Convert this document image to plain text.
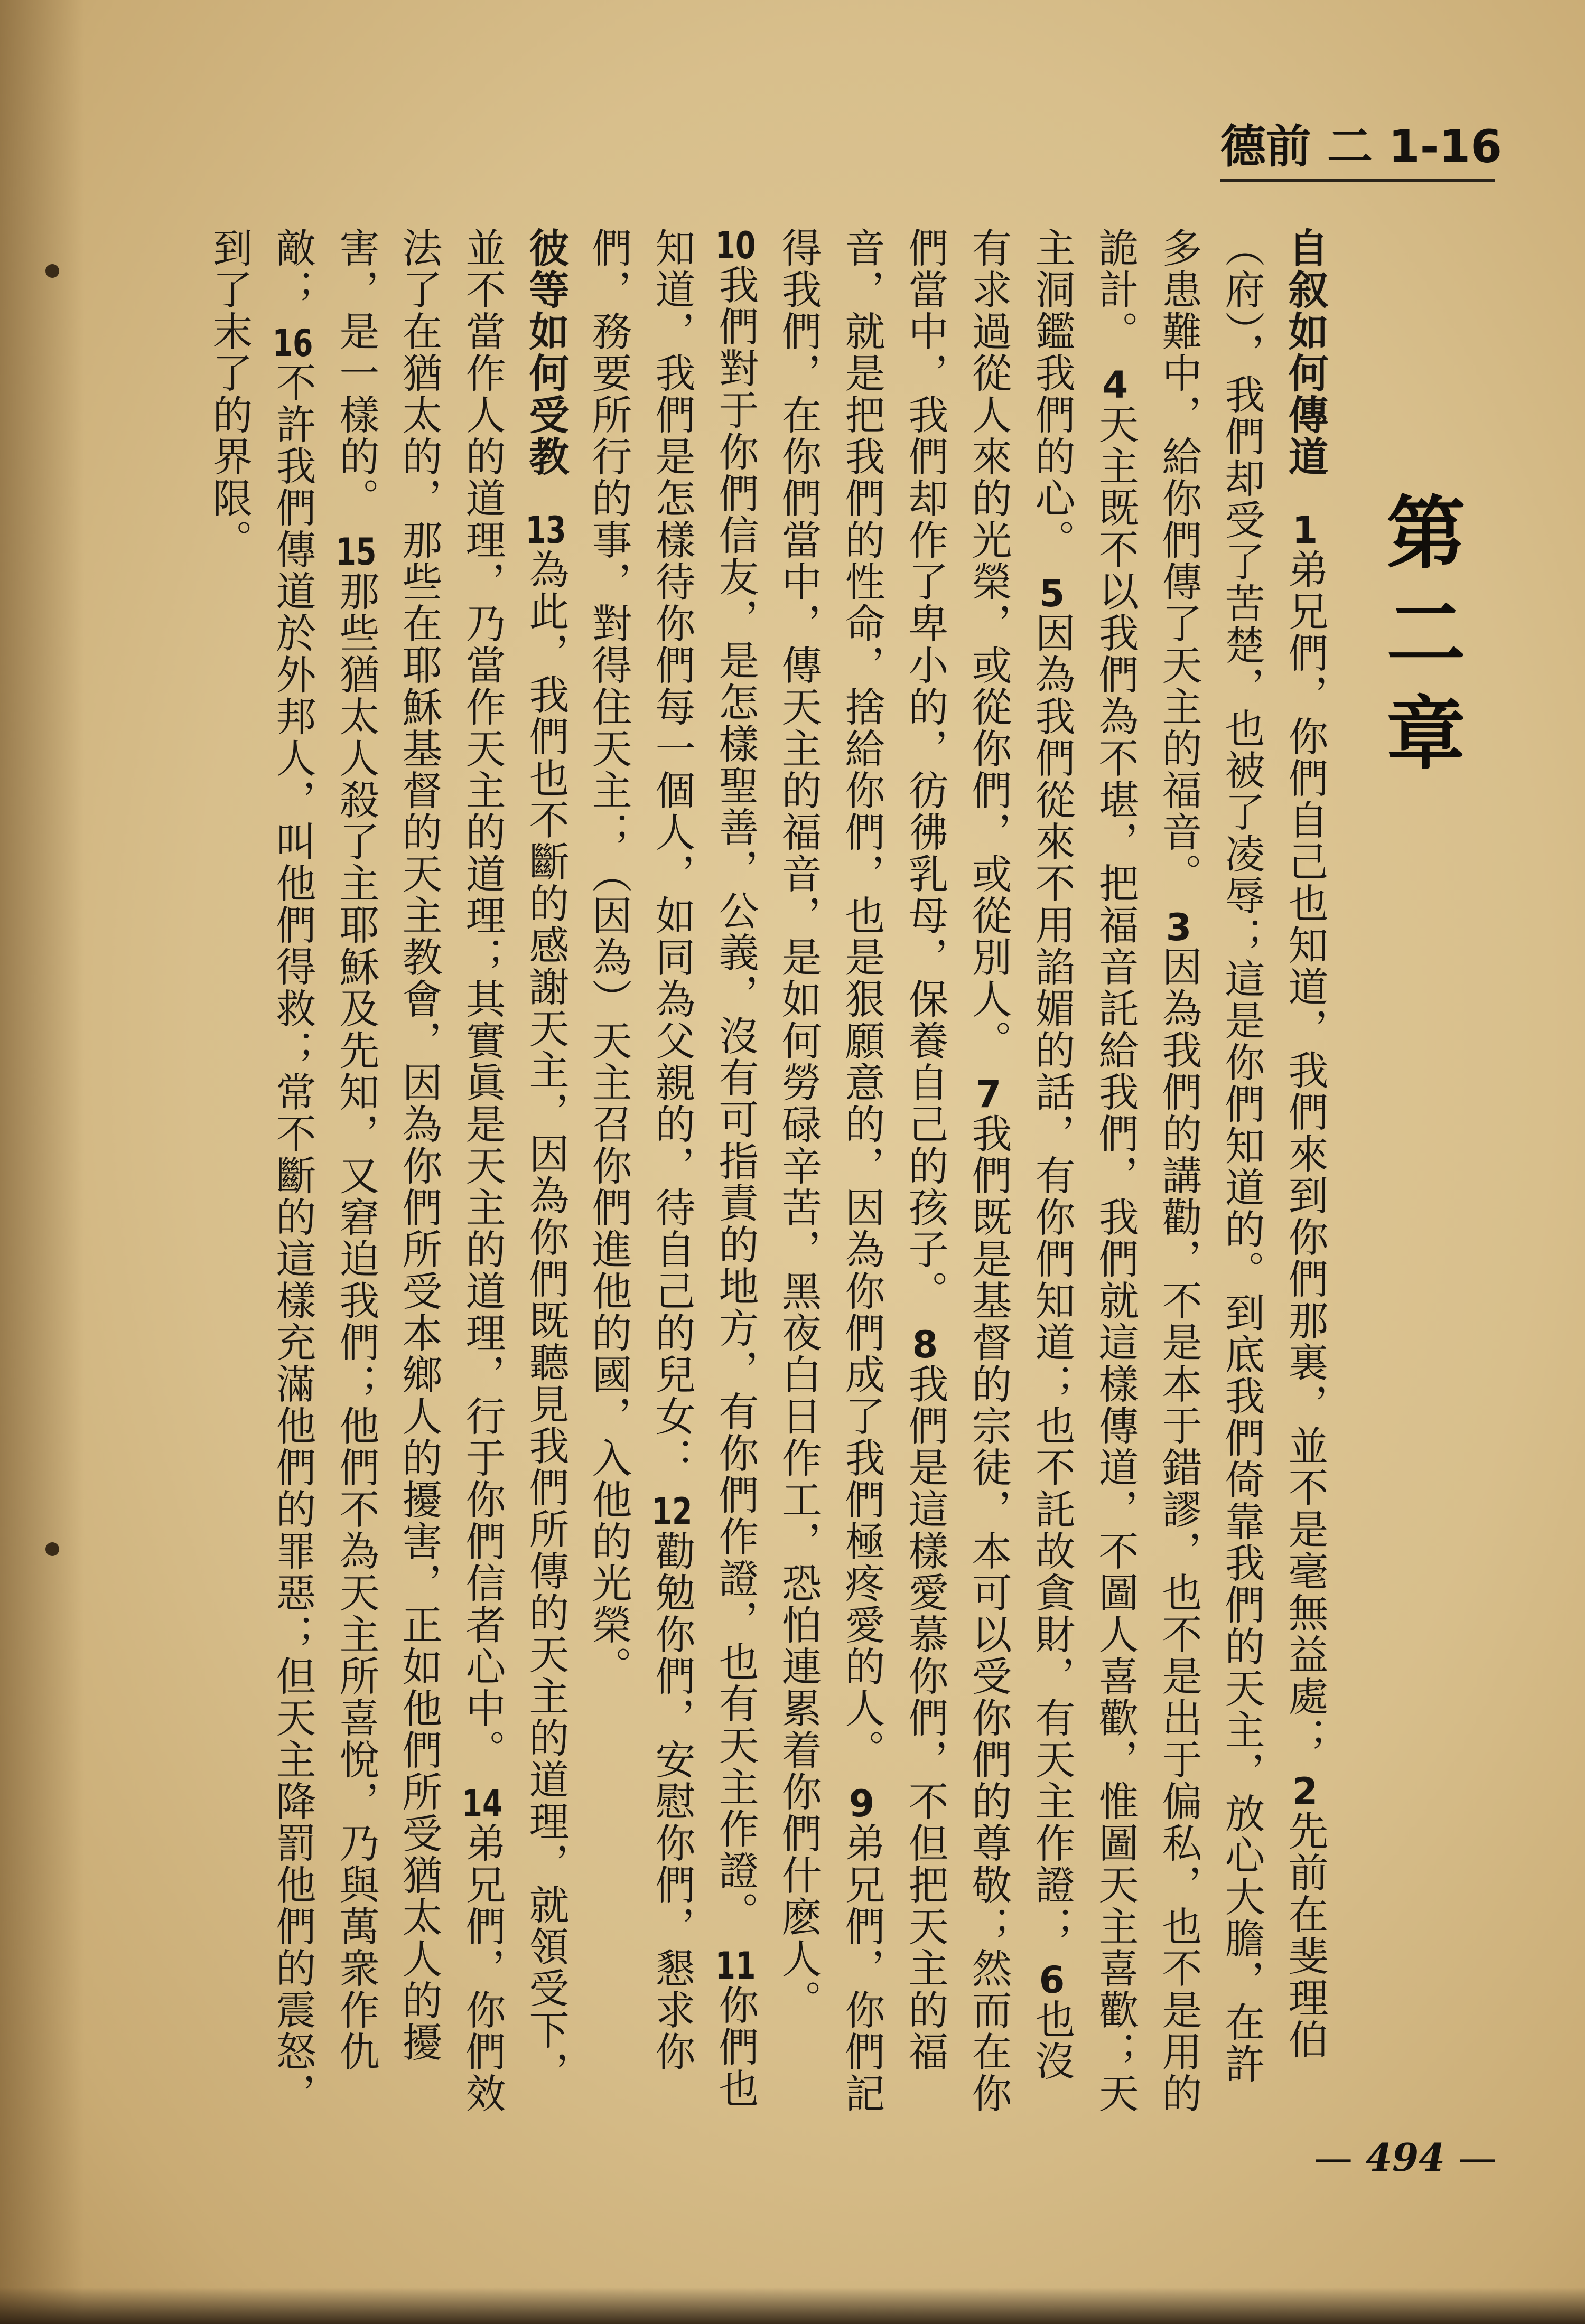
德前 二 1-16
第二章

自叙如何傳道 1弟兄們，你們自己也知道，我們來到你們那裏，並不是毫無益處； 2先前在斐理伯（府），我們却受了苦楚，也被了凌辱；這是你們知道的。到底我們倚靠我們的天主，放心大膽，在許多患難中，給你們傳了天主的福音。 3因為我們的講勸，不是本于錯謬，也不是出于偏私，也不是用的詭計。 4天主既不以我們為不堪，把福音託給我們，我們就這樣傳道，不圖人喜歡，惟圖天主喜歡；天主洞鑑我們的心。 5因為我們從來不用諂媚的話，有你們知道；也不託故貪財，有天主作證； 6也沒有求過從人來的光榮，或從你們，或從別人。 7我們既是基督的宗徒，本可以受你們的尊敬；然而在你們當中，我們却作了卑小的，彷彿乳母，保養自己的孩子。 8我們是這樣愛慕你們，不但把天主的福音，就是把我們的性命，捨給你們，也是狠願意的，因為你們成了我們極疼愛的人。 9弟兄們，你們記得我們，在你們當中，傳天主的福音，是如何勞碌辛苦，黑夜白日作工，恐怕連累着你們什麽人。

10我們對于你們信友，是怎樣聖善，公義，沒有可指責的地方，有你們作證，也有天主作證。 11你們也知道，我們是怎樣待你們每一個人，如同為父親的，待自己的兒女： 12勸勉你們，安慰你們，懇求你們，務要所行的事，對得住天主；（因為）天主召你們進他的國，入他的光榮。

彼等如何受教 13為此，我們也不斷的感謝天主，因為你們既聽見我們所傳的天主的道理，就領受下，並不當作人的道理，乃當作天主的道理；其實眞是天主的道理，行于你們信者心中。 14弟兄們，你們效法了在猶太的，那些在耶穌基督的天主教會，因為你們所受本鄉人的擾害，正如他們所受猶太人的擾害，是一樣的。 15那些猶太人殺了主耶穌及先知，又窘迫我們；他們不為天主所喜悅，乃與萬衆作仇敵； 16不許我們傳道於外邦人，叫他們得救；常不斷的這樣充滿他們的罪惡；但天主降罰他們的震怒，到了末了的界限。

— 494 —
